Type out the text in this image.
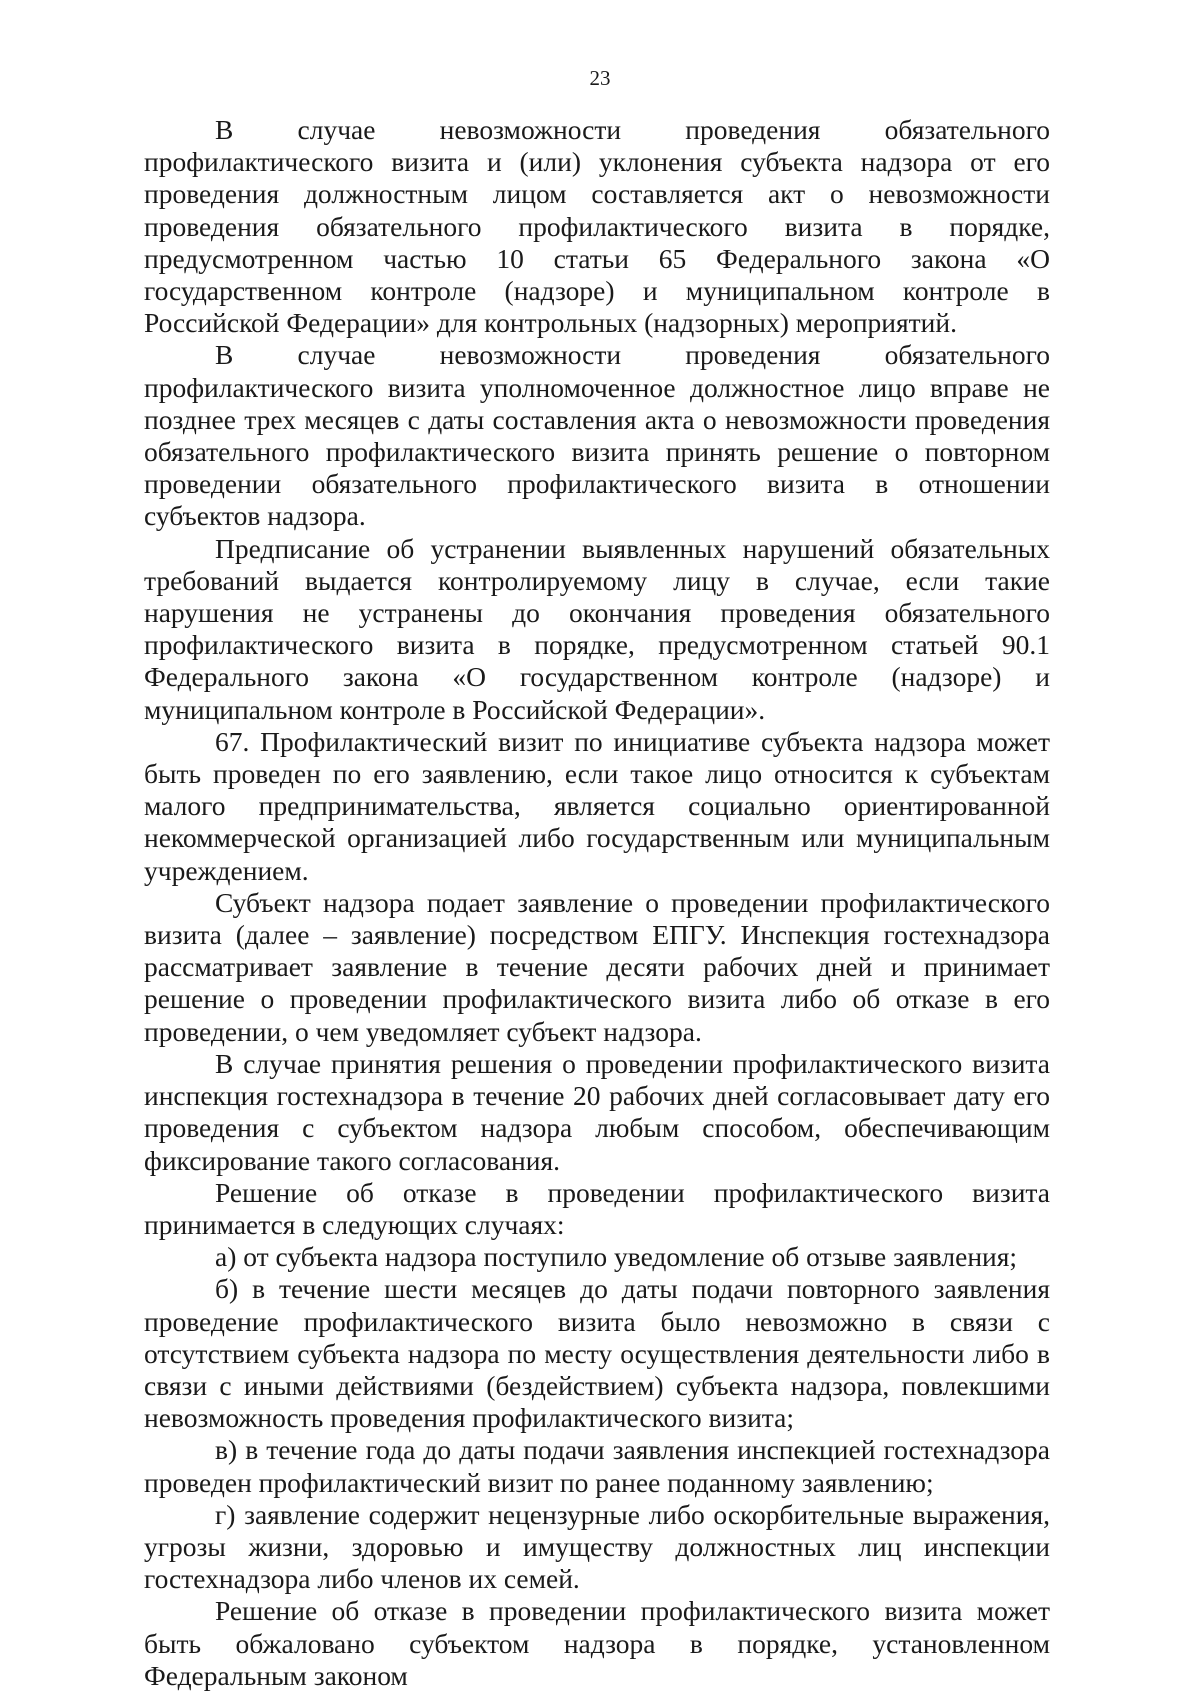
23

В случае невозможности проведения обязательного профилактического визита и (или) уклонения субъекта надзора от его проведения должностным лицом составляется акт о невозможности проведения обязательного профилактического визита в порядке, предусмотренном частью 10 статьи 65 Федерального закона «О государственном контроле (надзоре) и муниципальном контроле в Российской Федерации» для контрольных (надзорных) мероприятий.

В случае невозможности проведения обязательного профилактического визита уполномоченное должностное лицо вправе не позднее трех месяцев с даты составления акта о невозможности проведения обязательного профилактического визита принять решение о повторном проведении обязательного профилактического визита в отношении субъектов надзора.

Предписание об устранении выявленных нарушений обязательных требований выдается контролируемому лицу в случае, если такие нарушения не устранены до окончания проведения обязательного профилактического визита в порядке, предусмотренном статьей 90.1 Федерального закона «О государственном контроле (надзоре) и муниципальном контроле в Российской Федерации».

67. Профилактический визит по инициативе субъекта надзора может быть проведен по его заявлению, если такое лицо относится к субъектам малого предпринимательства, является социально ориентированной некоммерческой организацией либо государственным или муниципальным учреждением.

Субъект надзора подает заявление о проведении профилактического визита (далее – заявление) посредством ЕПГУ. Инспекция гостехнадзора рассматривает заявление в течение десяти рабочих дней и принимает решение о проведении профилактического визита либо об отказе в его проведении, о чем уведомляет субъект надзора.

В случае принятия решения о проведении профилактического визита инспекция гостехнадзора в течение 20 рабочих дней согласовывает дату его проведения с субъектом надзора любым способом, обеспечивающим фиксирование такого согласования.

Решение об отказе в проведении профилактического визита принимается в следующих случаях:

а) от субъекта надзора поступило уведомление об отзыве заявления;

б) в течение шести месяцев до даты подачи повторного заявления проведение профилактического визита было невозможно в связи с отсутствием субъекта надзора по месту осуществления деятельности либо в связи с иными действиями (бездействием) субъекта надзора, повлекшими невозможность проведения профилактического визита;

в) в течение года до даты подачи заявления инспекцией гостехнадзора проведен профилактический визит по ранее поданному заявлению;

г) заявление содержит нецензурные либо оскорбительные выражения, угрозы жизни, здоровью и имуществу должностных лиц инспекции гостехнадзора либо членов их семей.

Решение об отказе в проведении профилактического визита может быть обжаловано субъектом надзора в порядке, установленном Федеральным законом
